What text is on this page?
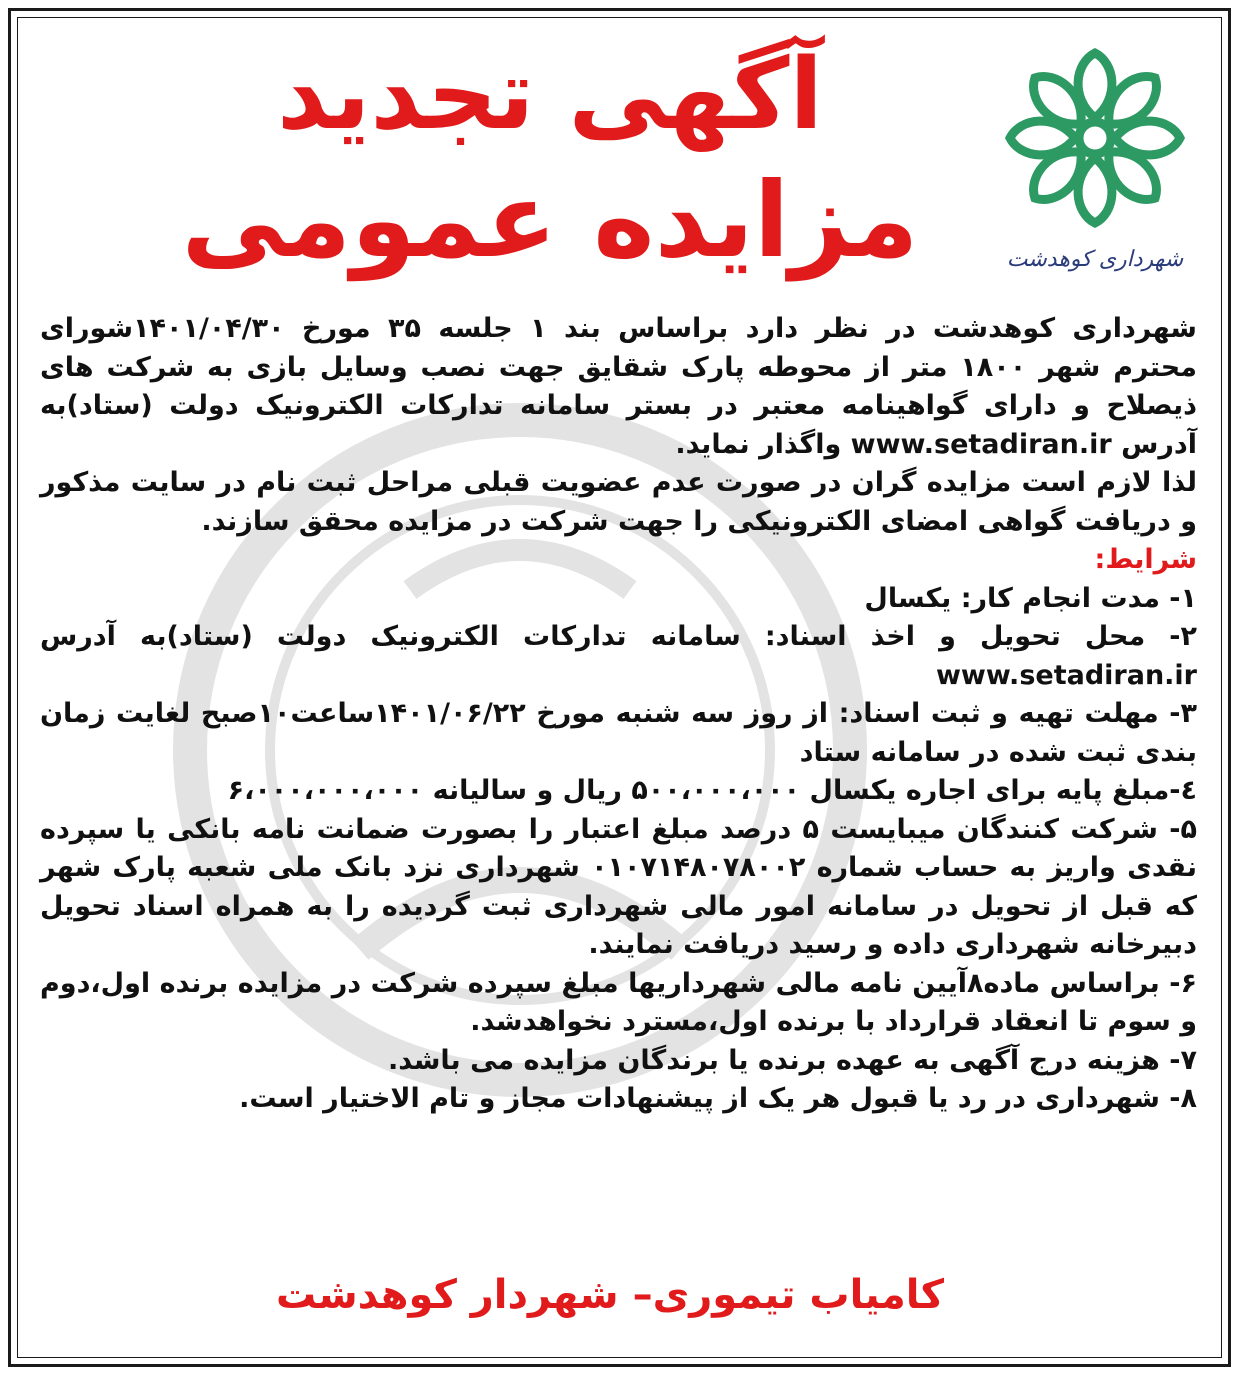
شهرداری کوهدشت
آگهی تجدید
مزایده عمومی

شهرداری کوهدشت در نظر دارد براساس بند ۱ جلسه ۳۵ مورخ ۱۴۰۱/۰۴/۳۰شورای محترم شهر ۱۸۰۰ متر از محوطه پارک شقایق جهت نصب وسایل بازی به شرکت های ذیصلاح و دارای گواهینامه معتبر در بستر سامانه تدارکات الکترونیک دولت (ستاد)به آدرس www.setadiran.ir واگذار نماید.

لذا لازم است مزایده گران در صورت عدم عضویت قبلی مراحل ثبت نام در سایت مذکور و دریافت گواهی امضای الکترونیکی را جهت شرکت در مزایده محقق سازند.

شرایط:

۱- مدت انجام کار: یکسال

۲- محل تحویل و اخذ اسناد: سامانه تدارکات الکترونیک دولت (ستاد)به آدرس www.setadiran.ir

۳- مهلت تهیه و ثبت اسناد: از روز سه شنبه مورخ ۱۴۰۱/۰۶/۲۲ساعت۱۰صبح لغایت زمان بندی ثبت شده در سامانه ستاد

٤-مبلغ پایه برای اجاره یکسال ۵۰۰،۰۰۰،۰۰۰ ریال و سالیانه ۶،۰۰۰،۰۰۰،۰۰۰

۵- شرکت کنندگان میبایست ۵ درصد مبلغ اعتبار را بصورت ضمانت نامه بانکی یا سپرده نقدی واریز به حساب شماره ۰۱۰۷۱۴۸۰۷۸۰۰۲ شهرداری نزد بانک ملی شعبه پارک شهر که قبل از تحویل در سامانه امور مالی شهرداری ثبت گردیده را به همراه اسناد تحویل دبیرخانه شهرداری داده و رسید دریافت نمایند.

۶- براساس ماده۸آیین نامه مالی شهرداریها مبلغ سپرده شرکت در مزایده برنده اول،دوم و سوم تا انعقاد قرارداد با برنده اول،مسترد نخواهدشد.

۷- هزینه درج آگهی به عهده برنده یا برندگان مزایده می باشد.

۸- شهرداری در رد یا قبول هر یک از پیشنهادات مجاز و تام الاختیار است.

کامیاب تیموری– شهردار کوهدشت
